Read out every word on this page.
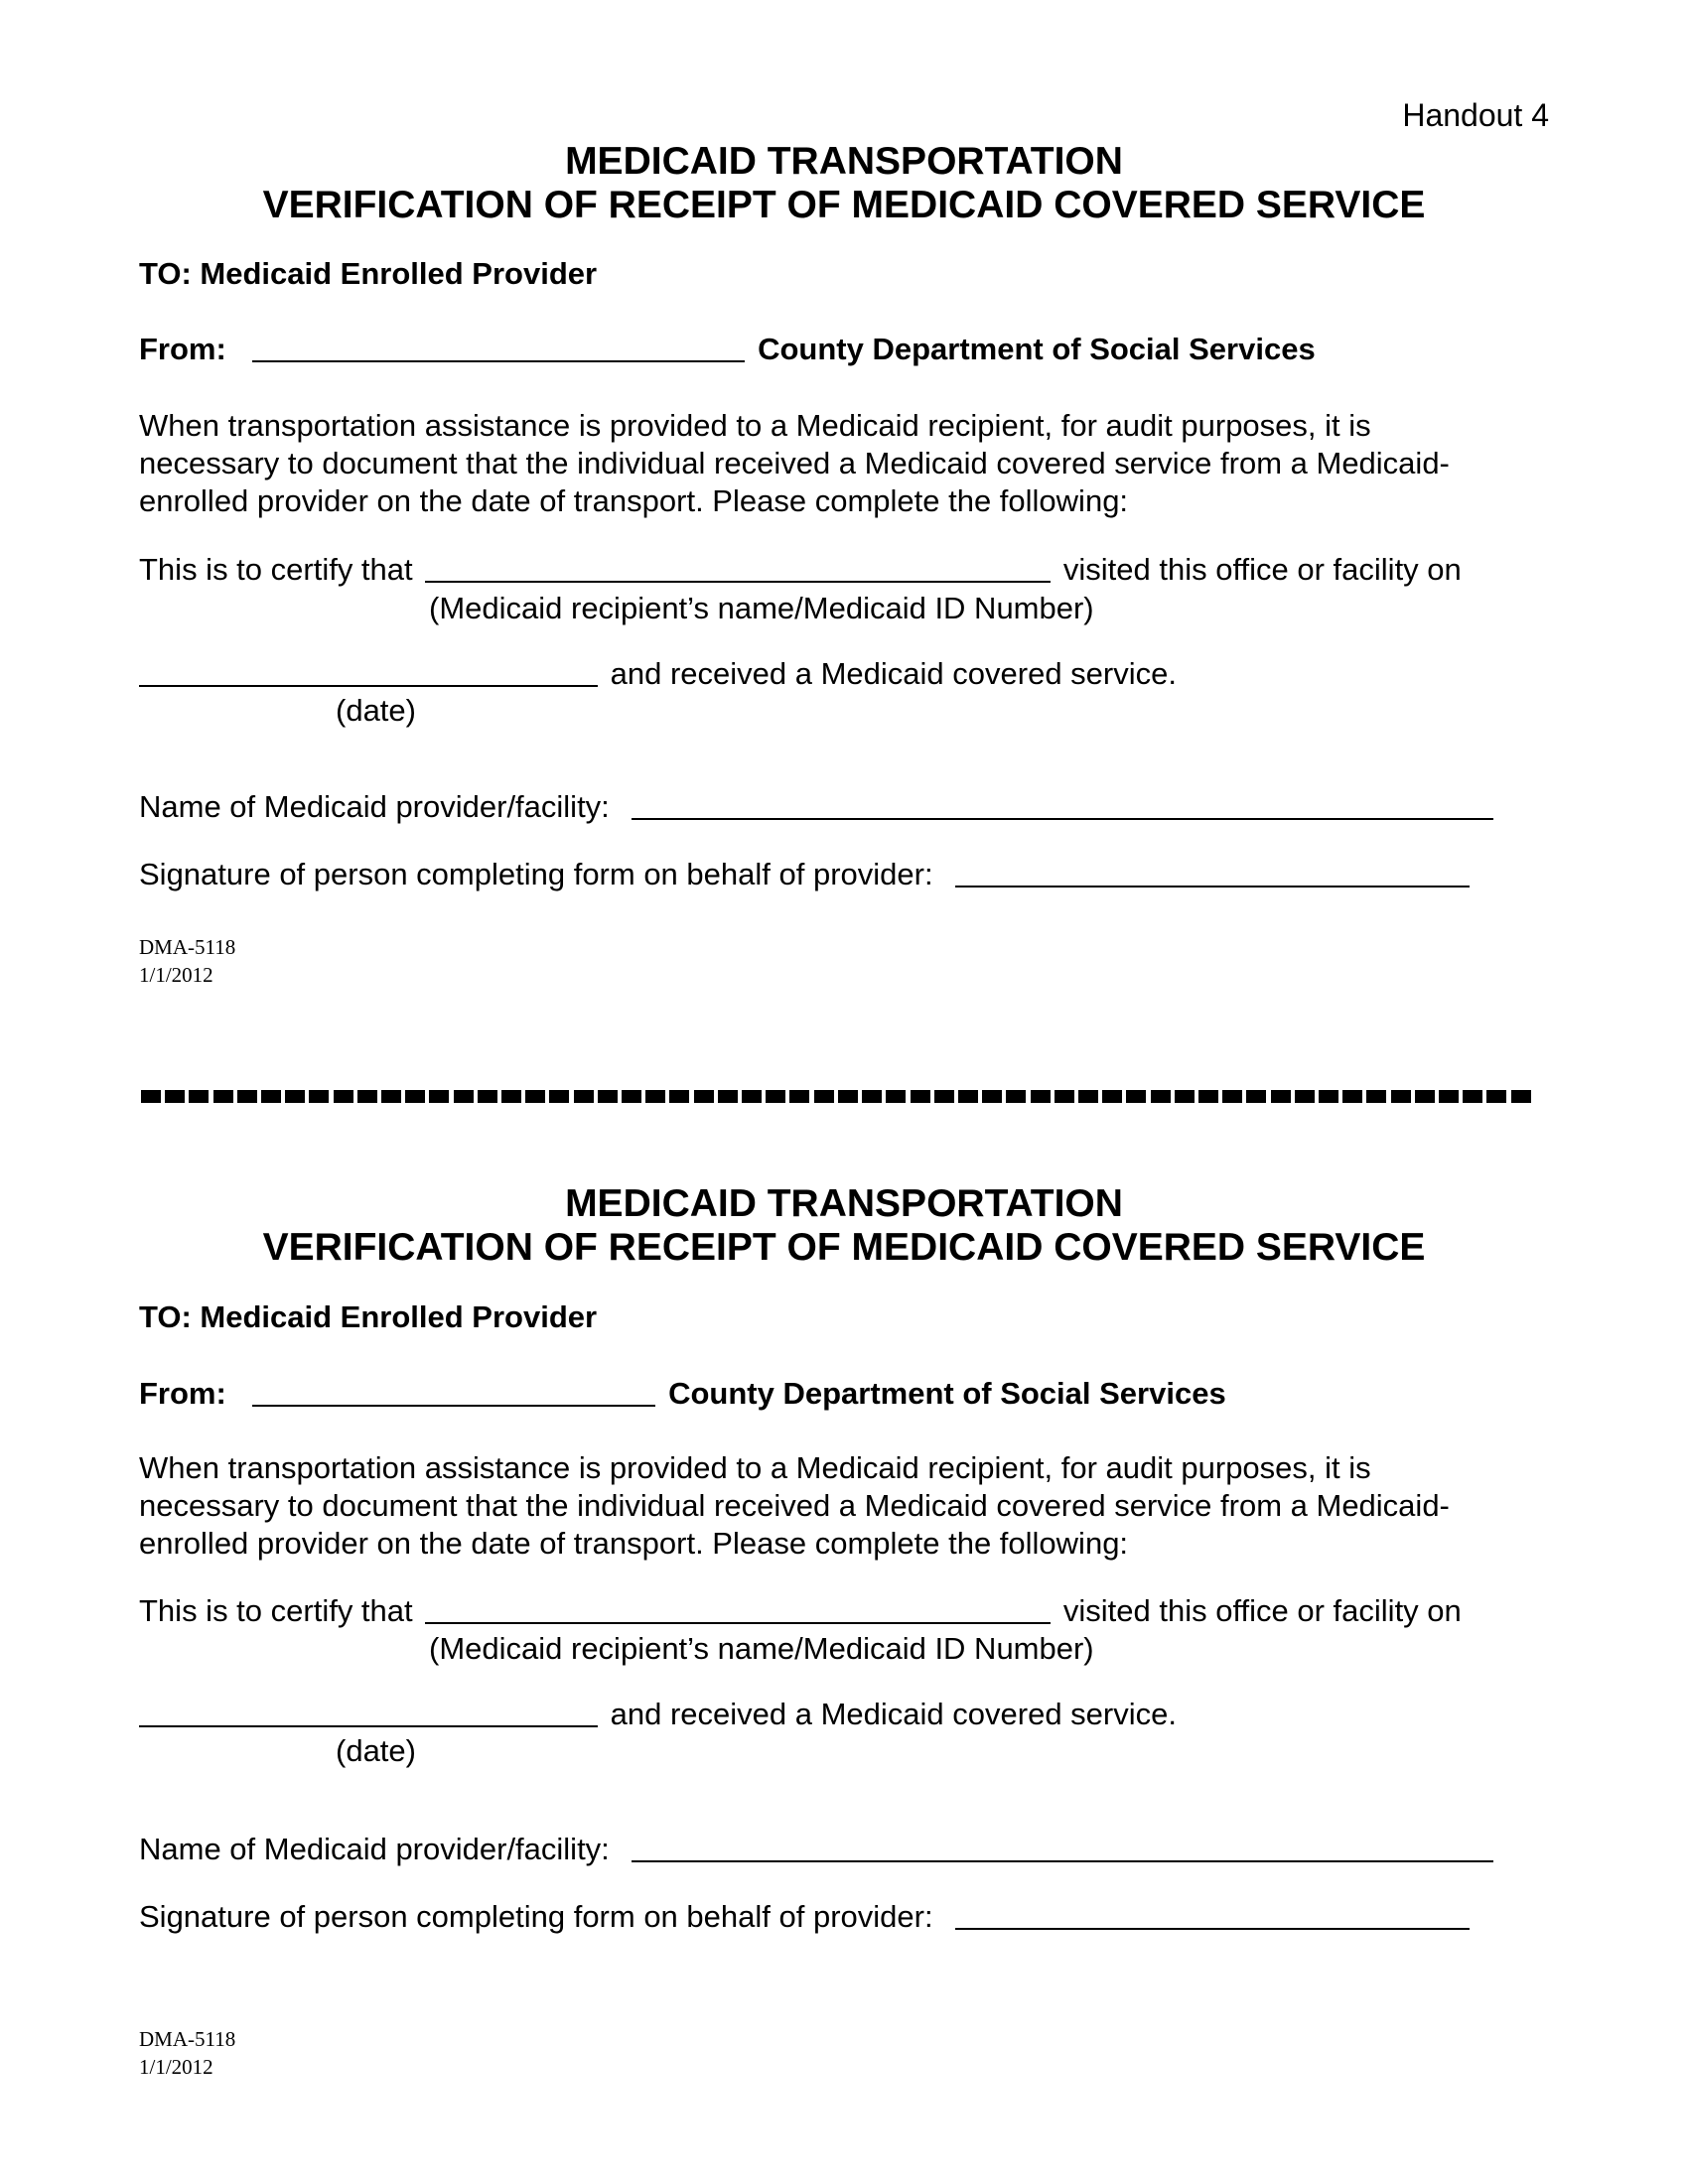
Handout 4
MEDICAID TRANSPORTATION
VERIFICATION OF RECEIPT OF MEDICAID COVERED SERVICE
TO: Medicaid Enrolled Provider
From:	County Department of Social Services
When transportation assistance is provided to a Medicaid recipient, for audit purposes, it is
necessary to document that the individual received a Medicaid covered service from a Medicaid-
enrolled provider on the date of transport. Please complete the following:
This is to certify that	visited this office or facility on
(Medicaid recipient’s name/Medicaid ID Number)
and received a Medicaid covered service.
(date)
Name of Medicaid provider/facility:
Signature of person completing form on behalf of provider:
DMA-5118
1/1/2012
MEDICAID TRANSPORTATION
VERIFICATION OF RECEIPT OF MEDICAID COVERED SERVICE
TO: Medicaid Enrolled Provider
From:	County Department of Social Services
When transportation assistance is provided to a Medicaid recipient, for audit purposes, it is
necessary to document that the individual received a Medicaid covered service from a Medicaid-
enrolled provider on the date of transport. Please complete the following:
This is to certify that	visited this office or facility on
(Medicaid recipient’s name/Medicaid ID Number)
and received a Medicaid covered service.
(date)
Name of Medicaid provider/facility:
Signature of person completing form on behalf of provider:
DMA-5118
1/1/2012
